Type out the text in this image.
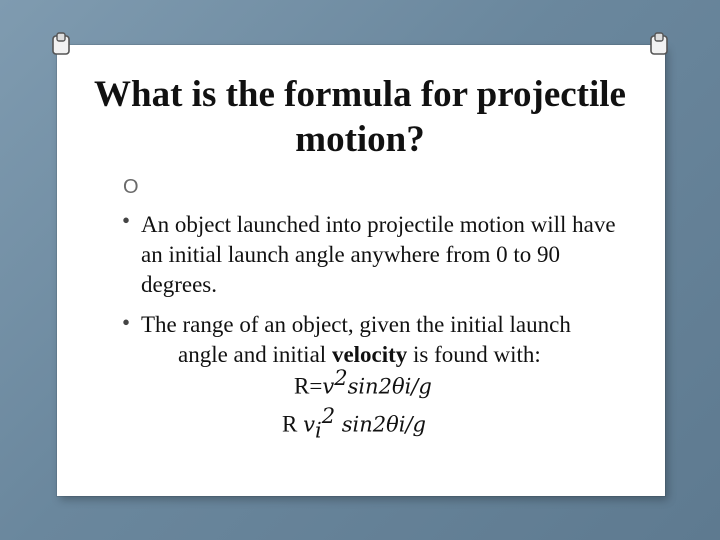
What is the formula for projectile motion?
O
• An object launched into projectile motion will have an initial launch angle anywhere from 0 to 90 degrees.
• The range of an object, given the initial launch
angle and initial velocity is found with:
$R=v^2\sin 2\theta i/g$
R $v_i^2$ sin2θi/g
